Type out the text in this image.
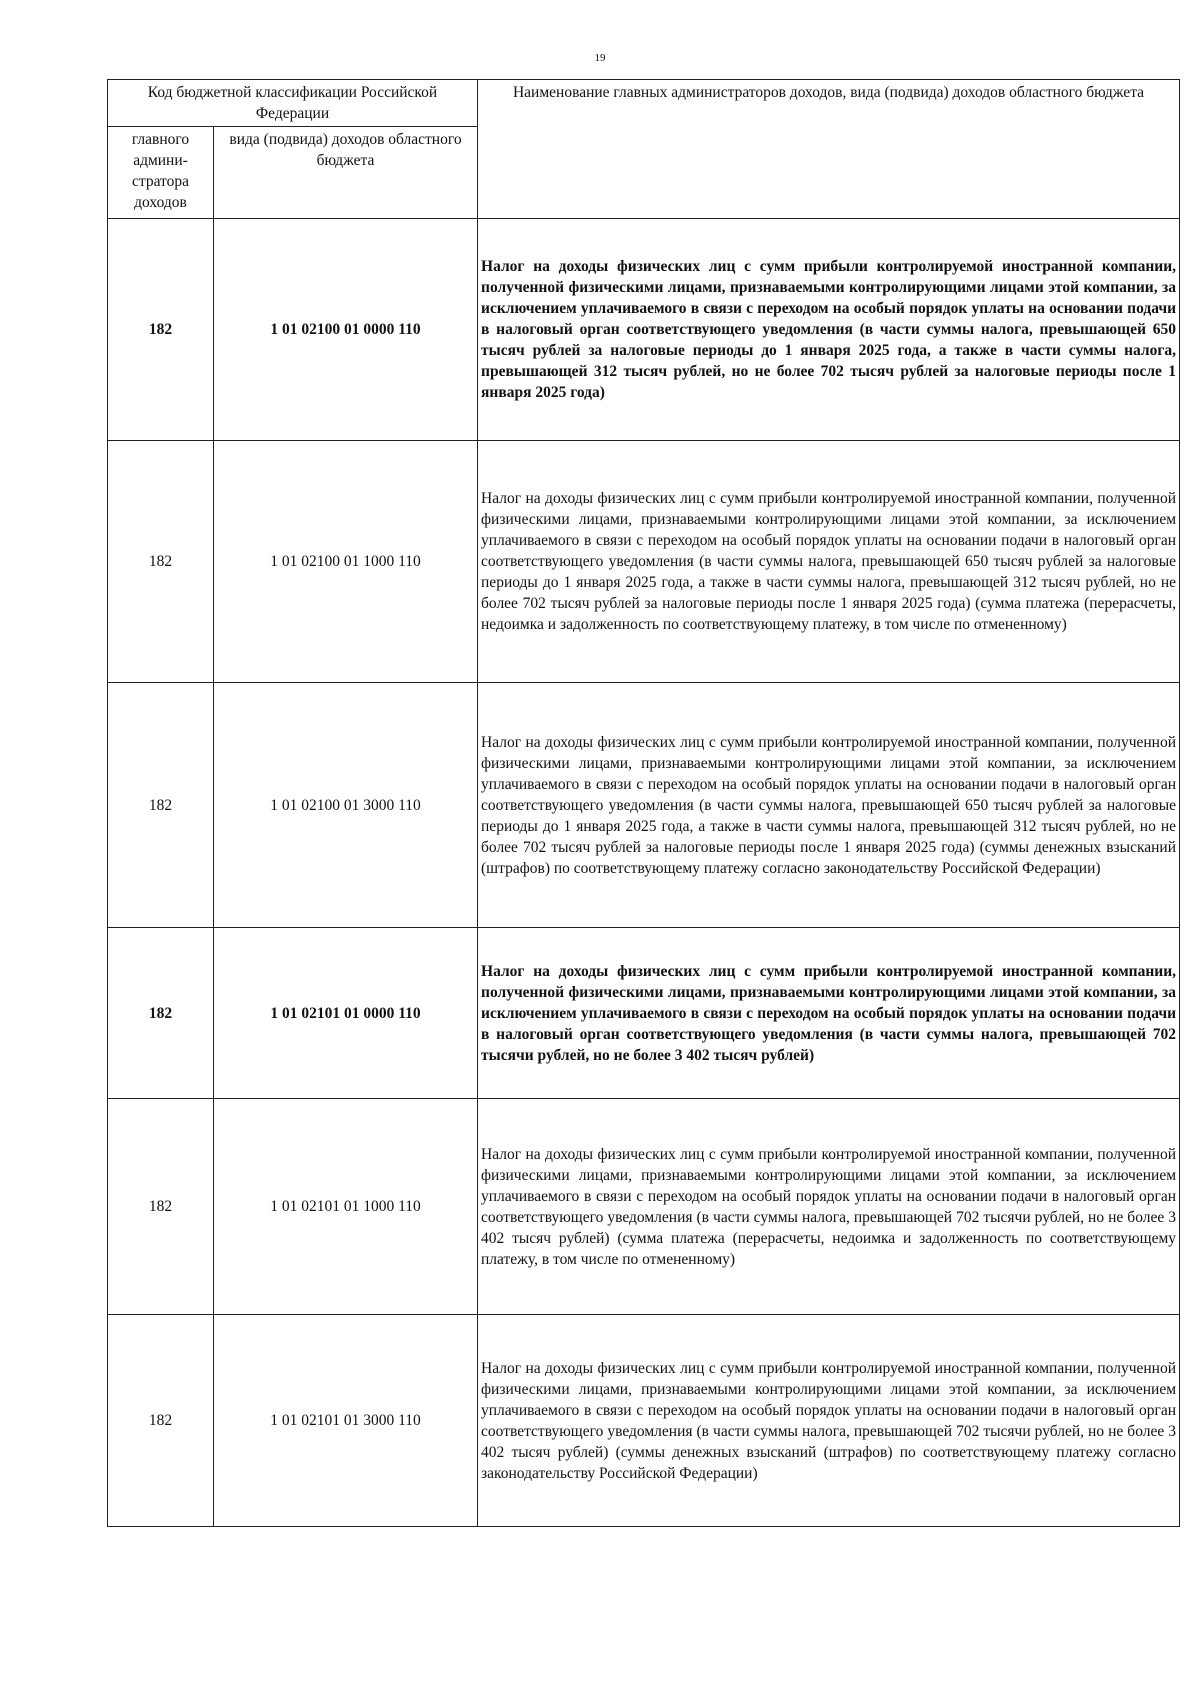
19
Код бюджетной классификации Российской Федерации		Наименование главных администраторов доходов, вида (подвида) доходов областного бюджета
главного админи-стратора доходов	вида (подвида) доходов областного бюджета	
182	1 01 02100 01 0000 110	Налог на доходы физических лиц с сумм прибыли контролируемой иностранной компании, полученной физическими лицами, признаваемыми контролирующими лицами этой компании, за исключением уплачиваемого в связи с переходом на особый порядок уплаты на основании подачи в налоговый орган соответствующего уведомления (в части суммы налога, превышающей 650 тысяч рублей за налоговые периоды до 1 января 2025 года, а также в части суммы налога, превышающей 312 тысяч рублей, но не более 702 тысяч рублей за налоговые периоды после 1 января 2025 года)
182	1 01 02100 01 1000 110	Налог на доходы физических лиц с сумм прибыли контролируемой иностранной компании, полученной физическими лицами, признаваемыми контролирующими лицами этой компании, за исключением уплачиваемого в связи с переходом на особый порядок уплаты на основании подачи в налоговый орган соответствующего уведомления (в части суммы налога, превышающей 650 тысяч рублей за налоговые периоды до 1 января 2025 года, а также в части суммы налога, превышающей 312 тысяч рублей, но не более 702 тысяч рублей за налоговые периоды после 1 января 2025 года) (сумма платежа (перерасчеты, недоимка и задолженность по соответствующему платежу, в том числе по отмененному)
182	1 01 02100 01 3000 110	Налог на доходы физических лиц с сумм прибыли контролируемой иностранной компании, полученной физическими лицами, признаваемыми контролирующими лицами этой компании, за исключением уплачиваемого в связи с переходом на особый порядок уплаты на основании подачи в налоговый орган соответствующего уведомления (в части суммы налога, превышающей 650 тысяч рублей за налоговые периоды до 1 января 2025 года, а также в части суммы налога, превышающей 312 тысяч рублей, но не более 702 тысяч рублей за налоговые периоды после 1 января 2025 года) (суммы денежных взысканий (штрафов) по соответствующему платежу согласно законодательству Российской Федерации)
182	1 01 02101 01 0000 110	Налог на доходы физических лиц с сумм прибыли контролируемой иностранной компании, полученной физическими лицами, признаваемыми контролирующими лицами этой компании, за исключением уплачиваемого в связи с переходом на особый порядок уплаты на основании подачи в налоговый орган соответствующего уведомления (в части суммы налога, превышающей 702 тысячи рублей, но не более 3 402 тысяч рублей)
182	1 01 02101 01 1000 110	Налог на доходы физических лиц с сумм прибыли контролируемой иностранной компании, полученной физическими лицами, признаваемыми контролирующими лицами этой компании, за исключением уплачиваемого в связи с переходом на особый порядок уплаты на основании подачи в налоговый орган соответствующего уведомления (в части суммы налога, превышающей 702 тысячи рублей, но не более 3 402 тысяч рублей) (сумма платежа (перерасчеты, недоимка и задолженность по соответствующему платежу, в том числе по отмененному)
182	1 01 02101 01 3000 110	Налог на доходы физических лиц с сумм прибыли контролируемой иностранной компании, полученной физическими лицами, признаваемыми контролирующими лицами этой компании, за исключением уплачиваемого в связи с переходом на особый порядок уплаты на основании подачи в налоговый орган соответствующего уведомления (в части суммы налога, превышающей 702 тысячи рублей, но не более 3 402 тысяч рублей) (суммы денежных взысканий (штрафов) по соответствующему платежу согласно законодательству Российской Федерации)
